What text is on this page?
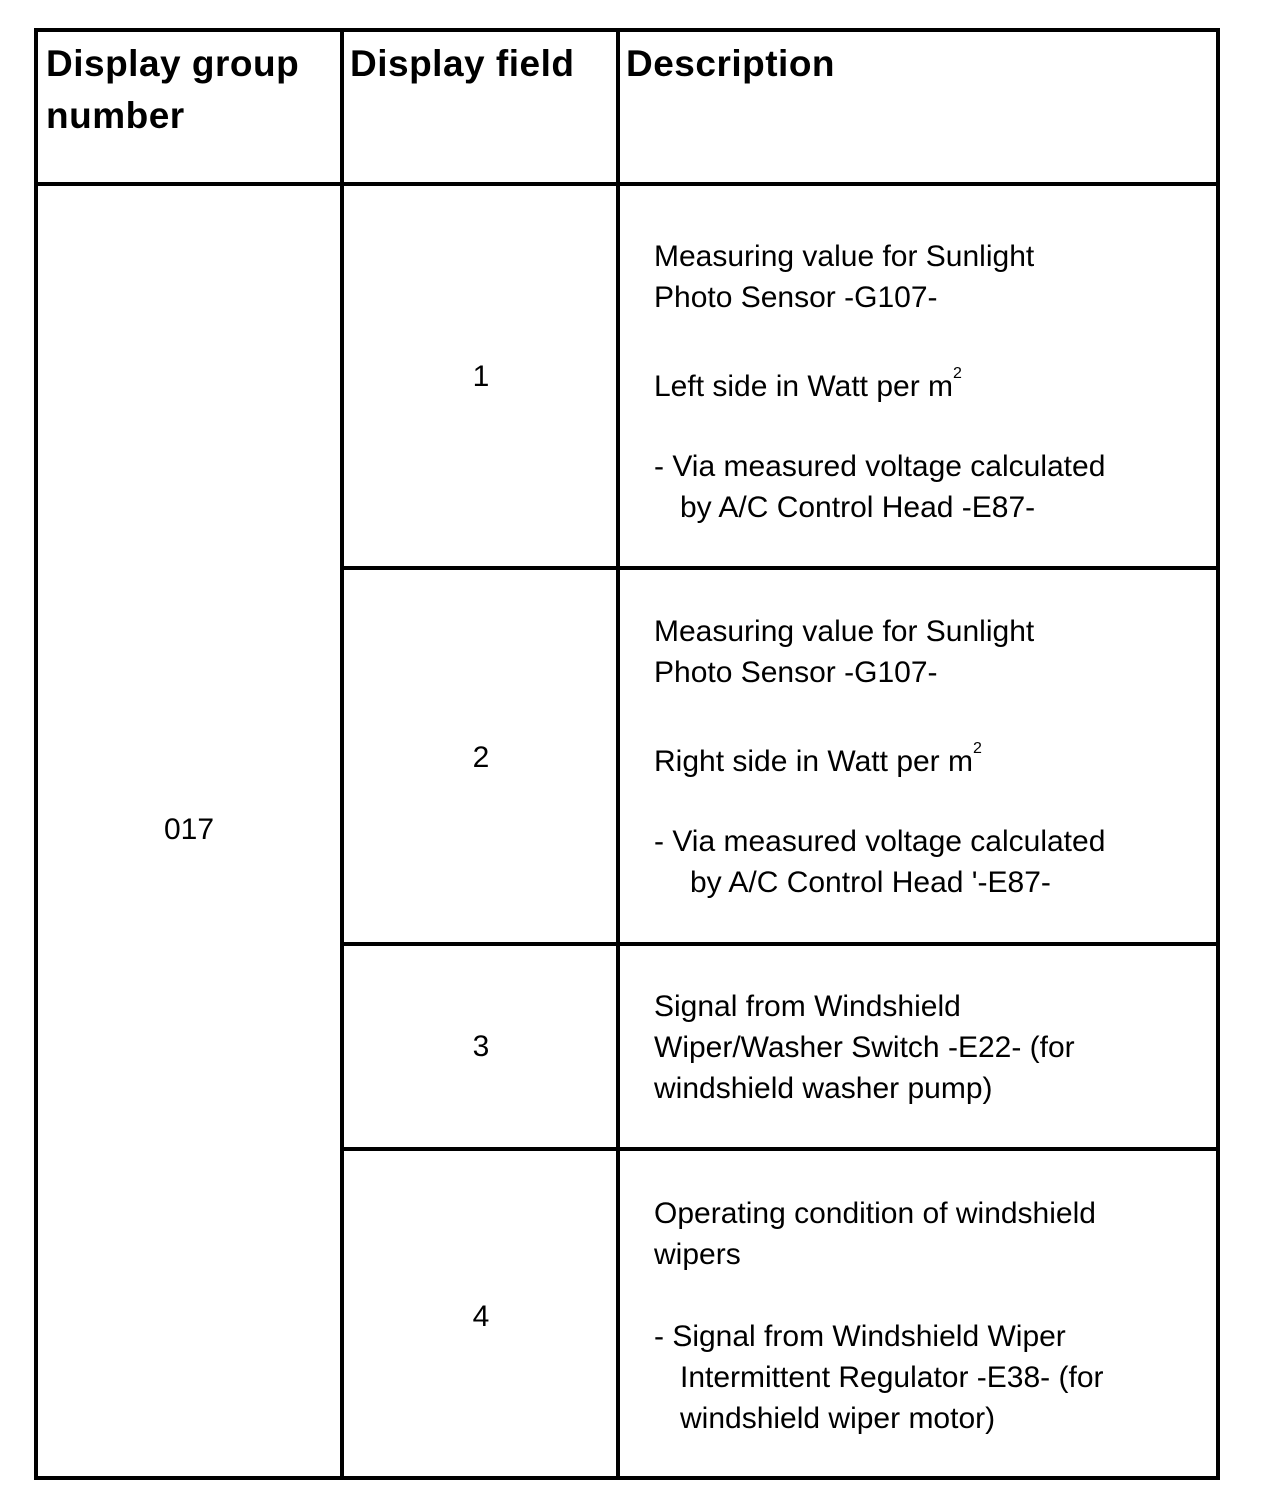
Display group
number
Display field Description
017
1

Measuring value for Sunlight

Photo Sensor -G107-

Left side in Watt per $m^2$

- Via measured voltage calculated

by A/C Control Head -E87-

2

Measuring value for Sunlight

Photo Sensor -G107-

Right side in Watt per $m^2$

- Via measured voltage calculated

by A/C Control Head '-E87-

3

Signal from Windshield

Wiper/Washer Switch -E22- (for

windshield washer pump)

4

Operating condition of windshield

wipers

- Signal from Windshield Wiper

Intermittent Regulator -E38- (for

windshield wiper motor)
